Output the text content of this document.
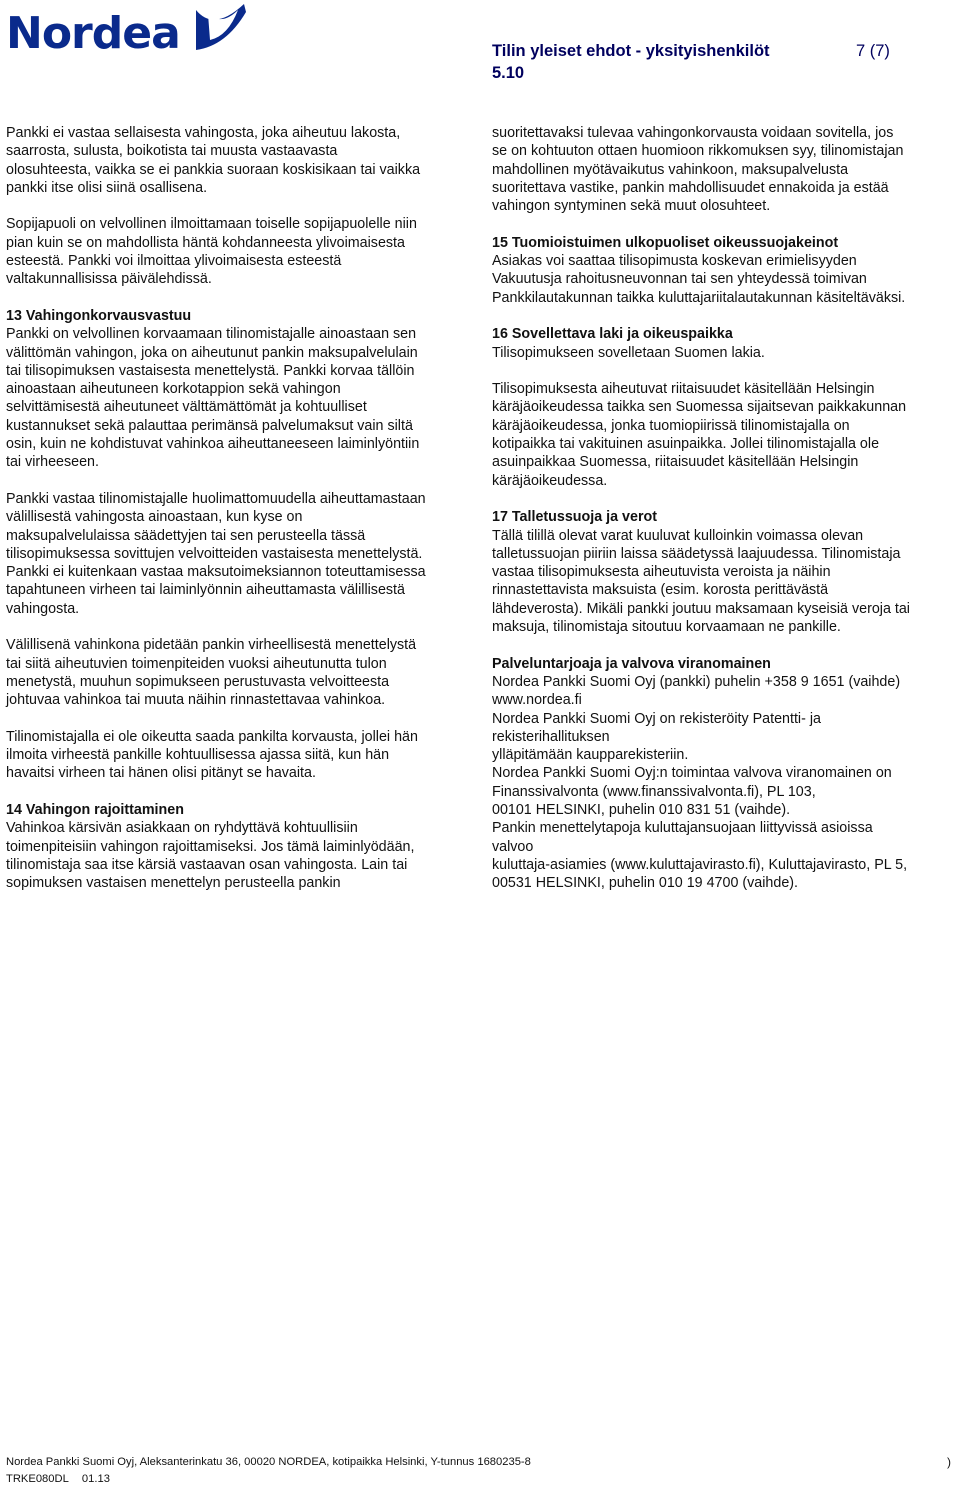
Nordea	Tilin yleiset ehdot - yksityishenkilöt
5.10
7 (7)
Pankki ei vastaa sellaisesta vahingosta, joka aiheutuu lakosta,
saarrosta, sulusta, boikotista tai muusta vastaavasta
olosuhteesta, vaikka se ei pankkia suoraan koskisikaan tai vaikka
pankki itse olisi siinä osallisena.
Sopijapuoli on velvollinen ilmoittamaan toiselle sopijapuolelle niin
pian kuin se on mahdollista häntä kohdanneesta ylivoimaisesta
esteestä. Pankki voi ilmoittaa ylivoimaisesta esteestä
valtakunnallisissa päivälehdissä.
13 Vahingonkorvausvastuu
Pankki on velvollinen korvaamaan tilinomistajalle ainoastaan sen
välittömän vahingon, joka on aiheutunut pankin maksupalvelulain
tai tilisopimuksen vastaisesta menettelystä. Pankki korvaa tällöin
ainoastaan aiheutuneen korkotappion sekä vahingon
selvittämisestä aiheutuneet välttämättömät ja kohtuulliset
kustannukset sekä palauttaa perimänsä palvelumaksut vain siltä
osin, kuin ne kohdistuvat vahinkoa aiheuttaneeseen laiminlyöntiin
tai virheeseen.
Pankki vastaa tilinomistajalle huolimattomuudella aiheuttamastaan
välillisestä vahingosta ainoastaan, kun kyse on
maksupalvelulaissa säädettyjen tai sen perusteella tässä
tilisopimuksessa sovittujen velvoitteiden vastaisesta menettelystä.
Pankki ei kuitenkaan vastaa maksutoimeksiannon toteuttamisessa
tapahtuneen virheen tai laiminlyönnin aiheuttamasta välillisestä
vahingosta.
Välillisenä vahinkona pidetään pankin virheellisestä menettelystä
tai siitä aiheutuvien toimenpiteiden vuoksi aiheutunutta tulon
menetystä, muuhun sopimukseen perustuvasta velvoitteesta
johtuvaa vahinkoa tai muuta näihin rinnastettavaa vahinkoa.
Tilinomistajalla ei ole oikeutta saada pankilta korvausta, jollei hän
ilmoita virheestä pankille kohtuullisessa ajassa siitä, kun hän
havaitsi virheen tai hänen olisi pitänyt se havaita.
14 Vahingon rajoittaminen
Vahinkoa kärsivän asiakkaan on ryhdyttävä kohtuullisiin
toimenpiteisiin vahingon rajoittamiseksi. Jos tämä laiminlyödään,
tilinomistaja saa itse kärsiä vastaavan osan vahingosta. Lain tai
sopimuksen vastaisen menettelyn perusteella pankin
suoritettavaksi tulevaa vahingonkorvausta voidaan sovitella, jos
se on kohtuuton ottaen huomioon rikkomuksen syy, tilinomistajan
mahdollinen myötävaikutus vahinkoon, maksupalvelusta
suoritettava vastike, pankin mahdollisuudet ennakoida ja estää
vahingon syntyminen sekä muut olosuhteet.
15 Tuomioistuimen ulkopuoliset oikeussuojakeinot
Asiakas voi saattaa tilisopimusta koskevan erimielisyyden
Vakuutusja rahoitusneuvonnan tai sen yhteydessä toimivan
Pankkilautakunnan taikka kuluttajariitalautakunnan käsiteltäväksi.
16 Sovellettava laki ja oikeuspaikka
Tilisopimukseen sovelletaan Suomen lakia.
Tilisopimuksesta aiheutuvat riitaisuudet käsitellään Helsingin
käräjäoikeudessa taikka sen Suomessa sijaitsevan paikkakunnan
käräjäoikeudessa, jonka tuomiopiirissä tilinomistajalla on
kotipaikka tai vakituinen asuinpaikka. Jollei tilinomistajalla ole
asuinpaikkaa Suomessa, riitaisuudet käsitellään Helsingin
käräjäoikeudessa.
17 Talletussuoja ja verot
Tällä tilillä olevat varat kuuluvat kulloinkin voimassa olevan
talletussuojan piiriin laissa säädetyssä laajuudessa. Tilinomistaja
vastaa tilisopimuksesta aiheutuvista veroista ja näihin
rinnastettavista maksuista (esim. korosta perittävästä
lähdeverosta). Mikäli pankki joutuu maksamaan kyseisiä veroja tai
maksuja, tilinomistaja sitoutuu korvaamaan ne pankille.
Palveluntarjoaja ja valvova viranomainen
Nordea Pankki Suomi Oyj (pankki) puhelin +358 9 1651 (vaihde)
www.nordea.fi
Nordea Pankki Suomi Oyj on rekisteröity Patentti- ja
rekisterihallituksen
ylläpitämään kaupparekisteriin.
Nordea Pankki Suomi Oyj:n toimintaa valvova viranomainen on
Finanssivalvonta (www.finanssivalvonta.fi), PL 103,
00101 HELSINKI, puhelin 010 831 51 (vaihde).
Pankin menettelytapoja kuluttajansuojaan liittyvissä asioissa
valvoo
kuluttaja-asiamies (www.kuluttajavirasto.fi), Kuluttajavirasto, PL 5,
00531 HELSINKI, puhelin 010 19 4700 (vaihde).
Nordea Pankki Suomi Oyj, Aleksanterinkatu 36, 00020 NORDEA, kotipaikka Helsinki, Y-tunnus 1680235-8
TRKE080DL 01.13
)
